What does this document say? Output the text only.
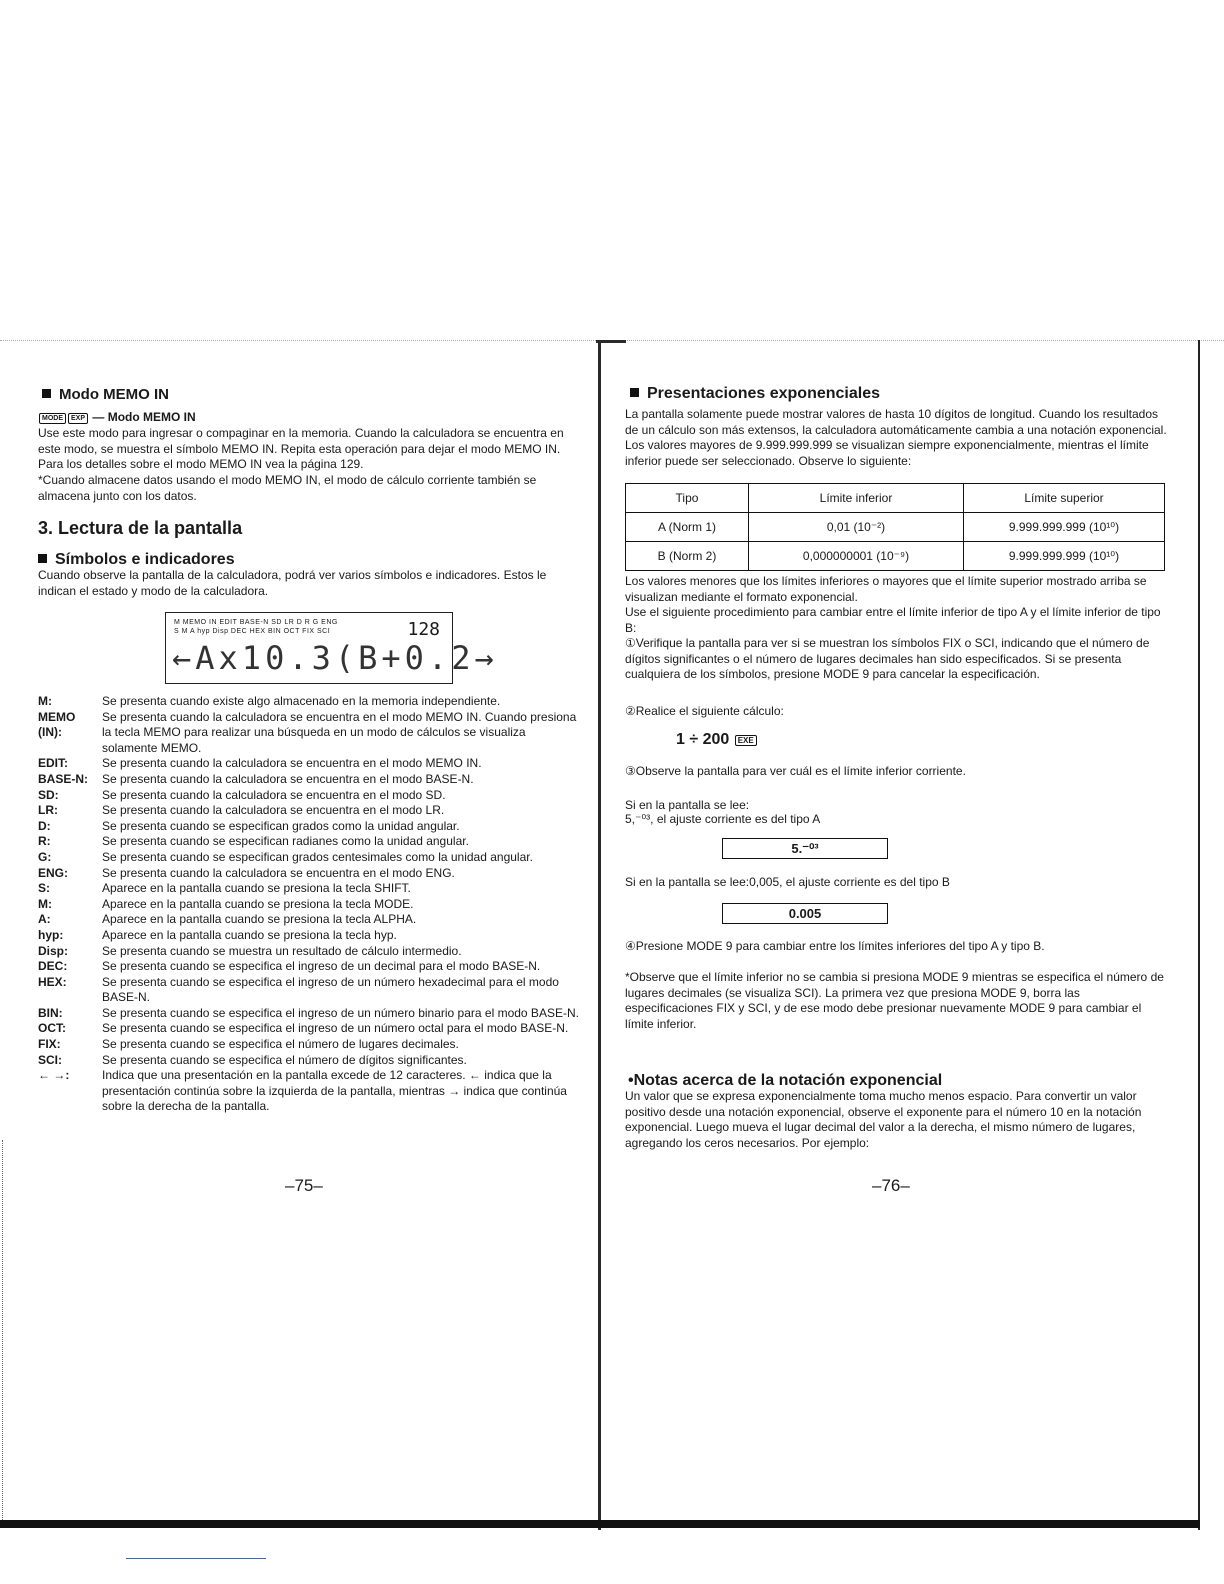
Modo MEMO IN

MODE EXP — Modo MEMO IN

Use este modo para ingresar o compaginar en la memoria. Cuando la calculadora se encuentra en este modo, se muestra el símbolo MEMO IN. Repita esta operación para dejar el modo MEMO IN. Para los detalles sobre el modo MEMO IN vea la página 129.

*Cuando almacene datos usando el modo MEMO IN, el modo de cálculo corriente también se almacena junto con los datos.

3. Lectura de la pantalla
Símbolos e indicadores

Cuando observe la pantalla de la calculadora, podrá ver varios símbolos e indicadores. Estos le indican el estado y modo de la calculadora.

M MEMO IN EDIT BASE-N SD LR D R G ENG
S M A hyp Disp DEC HEX BIN OCT FIX SCI	128
←Ax10.3(B+0.2→
M:	Se presenta cuando existe algo almacenado en la memoria independiente.
MEMO (IN):
Se presenta cuando la calculadora se encuentra en el modo MEMO IN. Cuando presiona la tecla MEMO para realizar una búsqueda en un modo de cálculos se visualiza solamente MEMO.
EDIT:	Se presenta cuando la calculadora se encuentra en el modo MEMO IN.
BASE-N:	Se presenta cuando la calculadora se encuentra en el modo BASE-N.
SD:	Se presenta cuando la calculadora se encuentra en el modo SD.
LR:	Se presenta cuando la calculadora se encuentra en el modo LR.
D:	Se presenta cuando se especifican grados como la unidad angular.
R:	Se presenta cuando se especifican radianes como la unidad angular.
G:	Se presenta cuando se especifican grados centesimales como la unidad angular.
ENG:	Se presenta cuando la calculadora se encuentra en el modo ENG.
S:	Aparece en la pantalla cuando se presiona la tecla SHIFT.
M:	Aparece en la pantalla cuando se presiona la tecla MODE.
A:	Aparece en la pantalla cuando se presiona la tecla ALPHA.
hyp:	Aparece en la pantalla cuando se presiona la tecla hyp.
Disp:	Se presenta cuando se muestra un resultado de cálculo intermedio.
DEC:	Se presenta cuando se especifica el ingreso de un decimal para el modo BASE-N.
HEX:	Se presenta cuando se especifica el ingreso de un número hexadecimal para el modo BASE-N.
BIN:	Se presenta cuando se especifica el ingreso de un número binario para el modo BASE-N.
OCT:	Se presenta cuando se especifica el ingreso de un número octal para el modo BASE-N.
FIX:	Se presenta cuando se especifica el número de lugares decimales.
SCI:	Se presenta cuando se especifica el número de dígitos significantes.
← →:	Indica que una presentación en la pantalla excede de 12 caracteres. ← indica que la presentación continúa sobre la izquierda de la pantalla, mientras → indica que continúa sobre la derecha de la pantalla.
–75–
Presentaciones exponenciales

La pantalla solamente puede mostrar valores de hasta 10 dígitos de longitud. Cuando los resultados de un cálculo son más extensos, la calculadora automáticamente cambia a una notación exponencial. Los valores mayores de 9.999.999.999 se visualizan siempre exponencialmente, mientras el límite inferior puede ser seleccionado. Observe lo siguiente:

Tipo	Límite inferior	Límite superior
A (Norm 1)	0,01 (10⁻²)	9.999.999.999 (10¹⁰)
B (Norm 2)	0,000000001 (10⁻⁹)	9.999.999.999 (10¹⁰)

Los valores menores que los límites inferiores o mayores que el límite superior mostrado arriba se visualizan mediante el formato exponencial.

Use el siguiente procedimiento para cambiar entre el límite inferior de tipo A y el límite inferior de tipo B:

①Verifique la pantalla para ver si se muestran los símbolos FIX o SCI, indicando que el número de dígitos significantes o el número de lugares decimales han sido especificados. Si se presenta cualquiera de los símbolos, presione MODE 9 para cancelar la especificación.

②Realice el siguiente cálculo:

1 ÷ 200 EXE

③Observe la pantalla para ver cuál es el límite inferior corriente.

Si en la pantalla se lee:

5,⁻⁰³, el ajuste corriente es del tipo A

5.⁻⁰³

Si en la pantalla se lee:0,005, el ajuste corriente es del tipo B

0.005

④Presione MODE 9 para cambiar entre los límites inferiores del tipo A y tipo B.

*Observe que el límite inferior no se cambia si presiona MODE 9 mientras se especifica el número de lugares decimales (se visualiza SCI). La primera vez que presiona MODE 9, borra las especificaciones FIX y SCI, y de ese modo debe presionar nuevamente MODE 9 para cambiar el límite inferior.

•Notas acerca de la notación exponencial

Un valor que se expresa exponencialmente toma mucho menos espacio. Para convertir un valor positivo desde una notación exponencial, observe el exponente para el número 10 en la notación exponencial. Luego mueva el lugar decimal del valor a la derecha, el mismo número de lugares, agregando los ceros necesarios. Por ejemplo:

–76–
